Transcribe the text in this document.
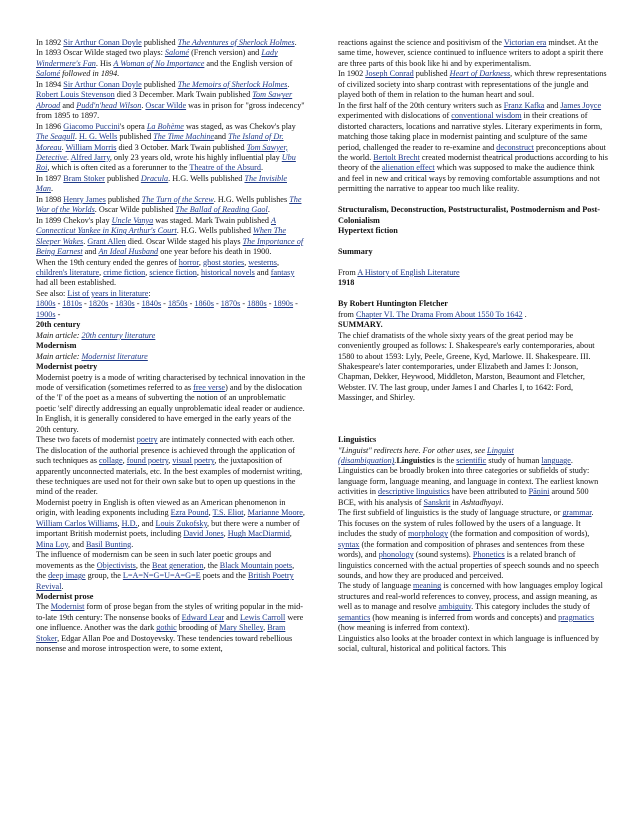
In 1892 Sir Arthur Conan Doyle published The Adventures of Sherlock Holmes.
In 1893 Oscar Wilde staged two plays: Salomé (French version) and Lady Windermere's Fan. His A Woman of No Importance and the English version of Salomé followed in 1894.
In 1894 Sir Arthur Conan Doyle published The Memoirs of Sherlock Holmes. Robert Louis Stevenson died 3 December. Mark Twain published Tom Sawyer Abroad and Pudd'n'head Wilson. Oscar Wilde was in prison for "gross indecency" from 1895 to 1897.
In 1896 Giacomo Puccini's opera La Bohème was staged, as was Chekov's play The Seagull. H. G. Wells published The Time Machineand The Island of Dr. Moreau. William Morris died 3 October. Mark Twain published Tom Sawyer, Detective. Alfred Jarry, only 23 years old, wrote his highly influential play Ubu Roi, which is often cited as a forerunner to the Theatre of the Absurd.
In 1897 Bram Stoker published Dracula. H.G. Wells published The Invisible Man.
In 1898 Henry James published The Turn of the Screw. H.G. Wells publishes The War of the Worlds. Oscar Wilde published The Ballad of Reading Gaol.
In 1899 Chekov's play Uncle Vanya was staged. Mark Twain published A Connecticut Yankee in King Arthur's Court. H.G. Wells published When The Sleeper Wakes. Grant Allen died. Oscar Wilde staged his plays The Importance of Being Earnest and An Ideal Husband one year before his death in 1900.
When the 19th century ended the genres of horror, ghost stories, westerns, children's literature, crime fiction, science fiction, historical novels and fantasy had all been established.
See also: List of years in literature:
1800s - 1810s - 1820s - 1830s - 1840s - 1850s - 1860s - 1870s - 1880s - 1890s - 1900s -
20th century
Main article: 20th century literature
Modernism
Main article: Modernist literature
Modernist poetry
Modernist poetry is a mode of writing characterised by technical innovation in the mode of versification (sometimes referred to as free verse) and by the dislocation of the 'I' of the poet as a means of subverting the notion of an unproblematic poetic 'self' directly addressing an equally unproblematic ideal reader or audience. In English, it is generally considered to have emerged in the early years of the 20th century.
These two facets of modernist poetry are intimately connected with each other. The dislocation of the authorial presence is achieved through the application of such techniques as collage, found poetry, visual poetry, the juxtaposition of apparently unconnected materials, etc. In the best examples of modernist writing, these techniques are used not for their own sake but to open up questions in the mind of the reader.
Modernist poetry in English is often viewed as an American phenomenon in origin, with leading exponents including Ezra Pound, T.S. Eliot, Marianne Moore, William Carlos Williams, H.D., and Louis Zukofsky, but there were a number of important British modernist poets, including David Jones, Hugh MacDiarmid, Mina Loy, and Basil Bunting.
The influence of modernism can be seen in such later poetic groups and movements as the Objectivists, the Beat generation, the Black Mountain poets, the deep image group, the L=A=N=G=U=A=G=E poets and the British Poetry Revival.
Modernist prose
The Modernist form of prose began from the styles of writing popular in the mid-to-late 19th century: The nonsense books of Edward Lear and Lewis Carroll were one influence. Another was the dark gothic brooding of Mary Shelley, Bram Stoker, Edgar Allan Poe and Dostoyevsky. These tendencies toward rebellious nonsense and morose introspection were, to some extent,
reactions against the science and positivism of the Victorian era mindset. At the same time, however, science continued to influence writers to adopt a spirit there are three parts of this book like hi and by experimentalism.
In 1902 Joseph Conrad published Heart of Darkness, which threw representations of civilized society into sharp contrast with representations of the jungle and played both of them in relation to the human heart and soul.
In the first half of the 20th century writers such as Franz Kafka and James Joyce experimented with dislocations of conventional wisdom in their creations of distorted characters, locations and narrative styles. Literary experiments in form, matching those taking place in modernist painting and sculpture of the same period, challenged the reader to re-examine and deconstruct preconceptions about the world. Bertolt Brecht created modernist theatrical productions according to his theory of the alienation effect which was supposed to make the audience think and feel in new and critical ways by removing comfortable assumptions and not permitting the narrative to appear too much like reality.
Structuralism, Deconstruction, Poststructuralist, Postmodernism and Post-Colonialism
Hypertext fiction
Summary
From A History of English Literature
1918
By Robert Huntington Fletcher
from Chapter VI. The Drama From About 1550 To 1642 .
SUMMARY.
The chief dramatists of the whole sixty years of the great period may be conveniently grouped as follows: I. Shakespeare's early contemporaries, about 1580 to about 1593: Lyly, Peele, Greene, Kyd, Marlowe. II. Shakespeare. III. Shakespeare's later contemporaries, under Elizabeth and James I: Jonson, Chapman, Dekker, Heywood, Middleton, Marston, Beaumont and Fletcher, Webster. IV. The last group, under James I and Charles I, to 1642: Ford, Massinger, and Shirley.
Linguistics
"Linguist" redirects here. For other uses, see Linguist (disambiguation).Linguistics is the scientific study of human language. Linguistics can be broadly broken into three categories or subfields of study: language form, language meaning, and language in context. The earliest known activities in descriptive linguistics have been attributed to Pāṇini around 500 BCE, with his analysis of Sanskrit in Ashtadhyayi.
The first subfield of linguistics is the study of language structure, or grammar. This focuses on the system of rules followed by the users of a language. It includes the study of morphology (the formation and composition of words), syntax (the formation and composition of phrases and sentences from these words), and phonology (sound systems). Phonetics is a related branch of linguistics concerned with the actual properties of speech sounds and no speech sounds, and how they are produced and perceived.
The study of language meaning is concerned with how languages employ logical structures and real-world references to convey, process, and assign meaning, as well as to manage and resolve ambiguity. This category includes the study of semantics (how meaning is inferred from words and concepts) and pragmatics (how meaning is inferred from context).
Linguistics also looks at the broader context in which language is influenced by social, cultural, historical and political factors. This
